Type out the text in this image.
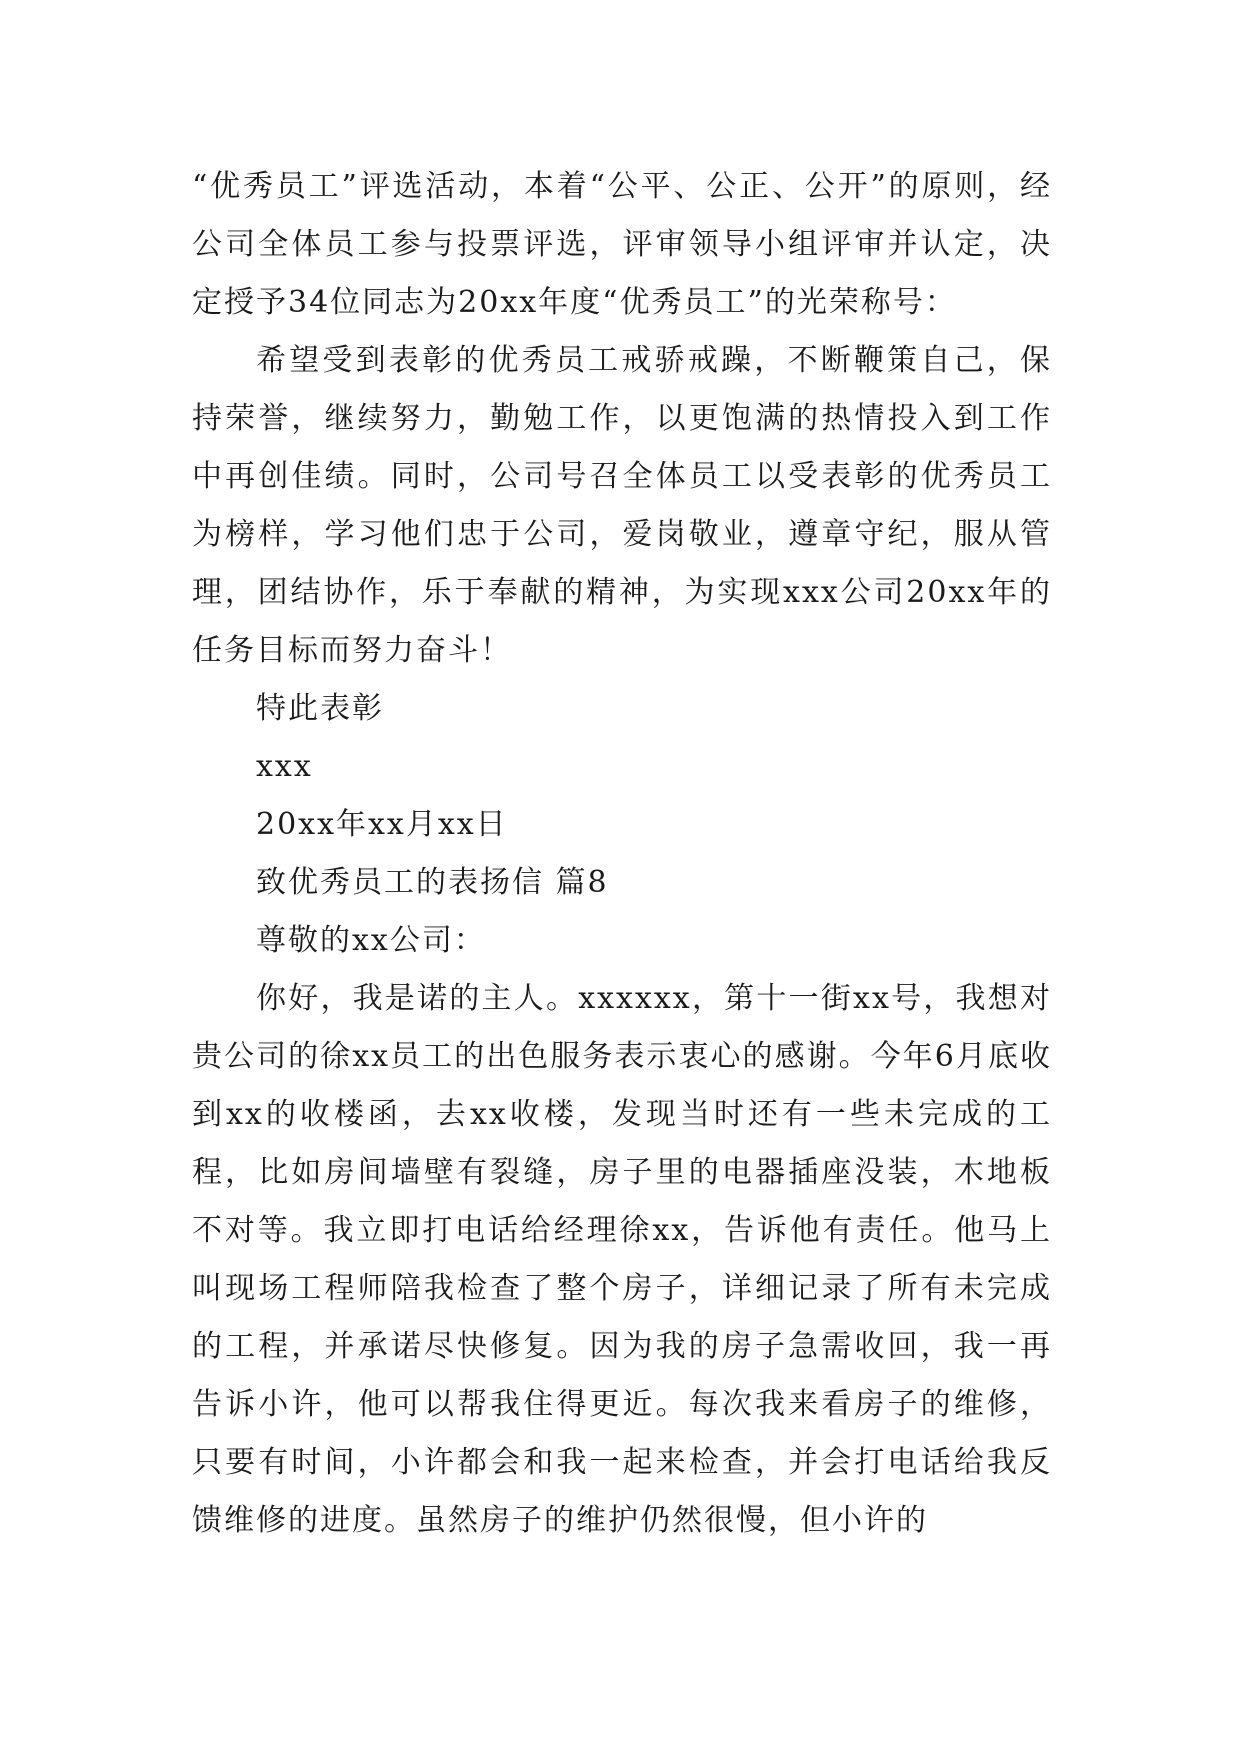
“优秀员工”评选活动，本着“公平、公正、公开”的原则，经公司全体员工参与投票评选，评审领导小组评审并认定，决定授予34位同志为20xx年度“优秀员工”的光荣称号：

希望受到表彰的优秀员工戒骄戒躁，不断鞭策自己，保持荣誉，继续努力，勤勉工作，以更饱满的热情投入到工作中再创佳绩。同时，公司号召全体员工以受表彰的优秀员工为榜样，学习他们忠于公司，爱岗敬业，遵章守纪，服从管理，团结协作，乐于奉献的精神，为实现xxx公司20xx年的任务目标而努力奋斗！

特此表彰

xxx

20xx年xx月xx日

致优秀员工的表扬信 篇8

尊敬的xx公司：

你好，我是诺的主人。xxxxxx，第十一街xx号，我想对贵公司的徐xx员工的出色服务表示衷心的感谢。今年6月底收到xx的收楼函，去xx收楼，发现当时还有一些未完成的工程，比如房间墙壁有裂缝，房子里的电器插座没装，木地板不对等。我立即打电话给经理徐xx，告诉他有责任。他马上叫现场工程师陪我检查了整个房子，详细记录了所有未完成的工程，并承诺尽快修复。因为我的房子急需收回，我一再告诉小许，他可以帮我住得更近。每次我来看房子的维修，只要有时间，小许都会和我一起来检查，并会打电话给我反馈维修的进度。虽然房子的维护仍然很慢，但小许的
